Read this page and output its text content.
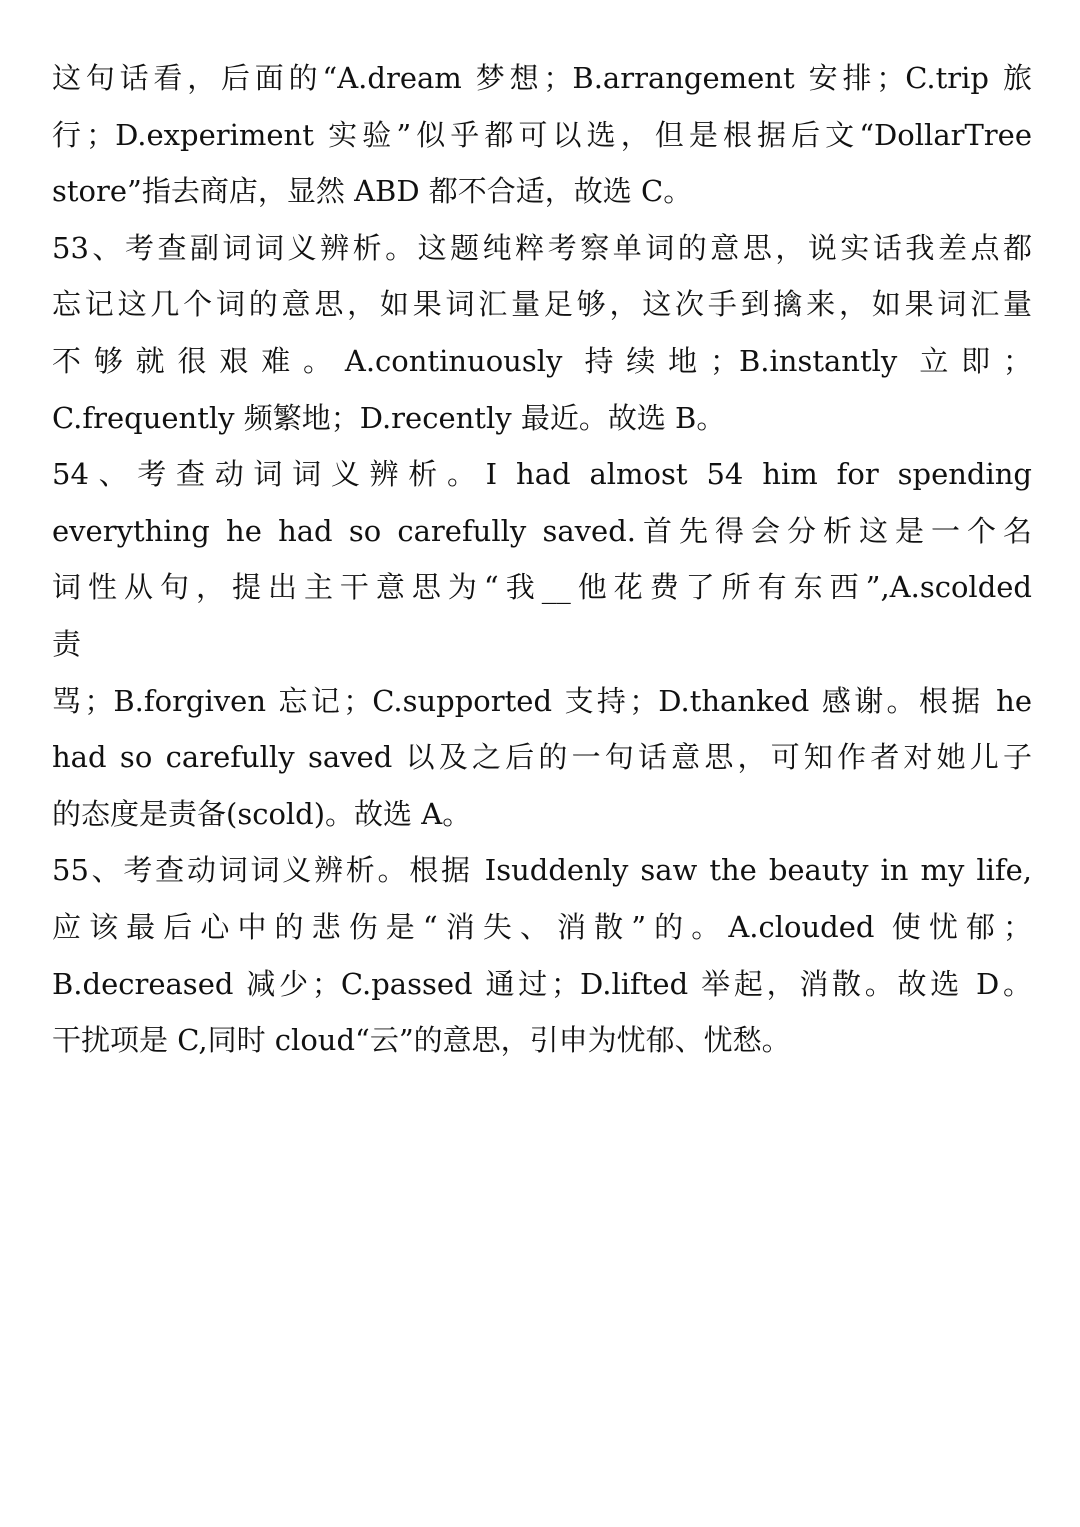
这句话看，后面的“A.dream 梦想；B.arrangement 安排；C.trip 旅
行；D.experiment 实验”似乎都可以选，但是根据后文“DollarTree
store”指去商店，显然 ABD 都不合适，故选 C。
53、考查副词词义辨析。这题纯粹考察单词的意思，说实话我差点都
忘记这几个词的意思，如果词汇量足够，这次手到擒来，如果词汇量
不够就很艰难。A.continuously 持续地；B.instantly 立即；
C.frequently 频繁地；D.recently 最近。故选 B。
54、考查动词词义辨析。I had almost 54 him for spending
everything he had so carefully saved.首先得会分析这是一个名
词性从句，提出主干意思为“我__他花费了所有东西”,A.scolded
责
骂；B.forgiven 忘记；C.supported 支持；D.thanked 感谢。根据 he
had so carefully saved 以及之后的一句话意思，可知作者对她儿子
的态度是责备(scold)。故选 A。
55、考查动词词义辨析。根据 Isuddenly saw the beauty in my life,
应该最后心中的悲伤是“消失、消散”的。A.clouded 使忧郁；
B.decreased 减少；C.passed 通过；D.lifted 举起，消散。故选 D。
干扰项是 C,同时 cloud“云”的意思，引申为忧郁、忧愁。
